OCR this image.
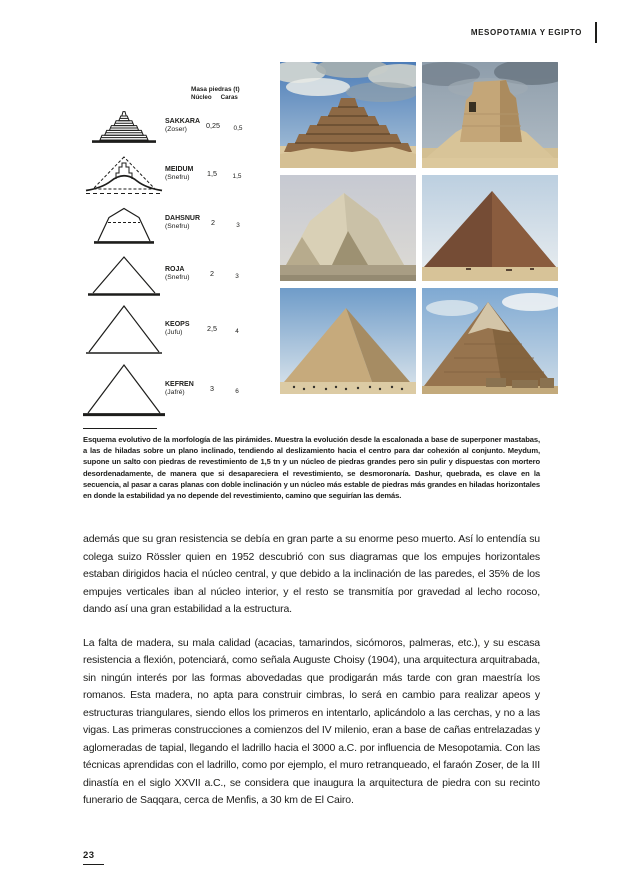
MESOPOTAMIA Y EGIPTO
Masa piedras (t)
Núcleo Caras
SAKKARA
(Zoser)	0,25	0,5
MEIDUM
(Snefru)	1,5	1,5
DAHSNUR
(Snefru)	2	3
ROJA
(Snefru)	2	3
KEOPS
(Jufu)	2,5	4
KEFREN
(Jafré)	3	6
Esquema evolutivo de la morfología de las pirámides. Muestra la evolución desde la escalonada a base de superponer mastabas, a las de hiladas sobre un plano inclinado, tendiendo al deslizamiento hacia el centro para dar cohexión al conjunto. Meydum, supone un salto con piedras de revestimiento de 1,5 tn y un núcleo de piedras grandes pero sin pulir y dispuestas con mortero desordenadamente, de manera que si desapareciera el revestimiento, se desmoronaría. Dashur, quebrada, es clave en la secuencia, al pasar a caras planas con doble inclinación y un núcleo más estable de piedras más grandes en hiladas horizontales en donde la estabilidad ya no depende del revestimiento, camino que seguirían las demás.

además que su gran resistencia se debía en gran parte a su enorme peso muerto. Así lo entendía su colega suizo Rössler quien en 1952 descubrió con sus diagramas que los empujes horizontales estaban dirigidos hacia el núcleo central, y que debido a la inclinación de las paredes, el 35% de los empujes verticales iban al núcleo interior, y el resto se transmitía por gravedad al lecho rocoso, dando así una gran estabilidad a la estructura.

La falta de madera, su mala calidad (acacias, tamarindos, sicómoros, palmeras, etc.), y su escasa resistencia a flexión, potenciará, como señala Auguste Choisy (1904), una arquitectura arquitrabada, sin ningún interés por las formas abovedadas que prodigarán más tarde con gran maestría los romanos. Esta madera, no apta para construir cimbras, lo será en cambio para realizar apeos y estructuras triangulares, siendo ellos los primeros en intentarlo, aplicándolo a las cerchas, y no a las vigas. Las primeras construcciones a comienzos del IV milenio, eran a base de cañas entrelazadas y aglomeradas de tapial, llegando el ladrillo hacia el 3000 a.C. por influencia de Mesopotamia. Con las técnicas aprendidas con el ladrillo, como por ejemplo, el muro retranqueado, el faraón Zoser, de la III dinastía en el siglo XXVII a.C., se considera que inaugura la arquitectura de piedra con su recinto funerario de Saqqara, cerca de Menfis, a 30 km de El Cairo.

23
